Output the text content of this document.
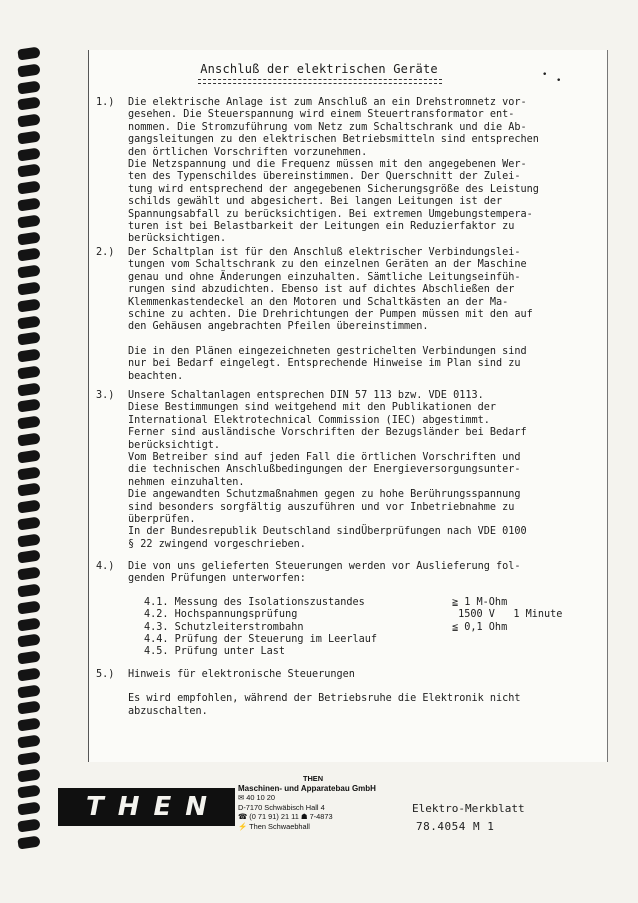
Anschluß der elektrischen Geräte	•
•
1.)	Die elektrische Anlage ist zum Anschluß an ein Drehstromnetz vor-
gesehen. Die Steuerspannung wird einem Steuertransformator ent-
nommen. Die Stromzuführung vom Netz zum Schaltschrank und die Ab-
gangsleitungen zu den elektrischen Betriebsmitteln sind entsprechen
den örtlichen Vorschriften vorzunehmen.
Die Netzspannung und die Frequenz müssen mit den angegebenen Wer-
ten des Typenschildes übereinstimmen. Der Querschnitt der Zulei-
tung wird entsprechend der angegebenen Sicherungsgröße des Leistung
schilds gewählt und abgesichert. Bei langen Leitungen ist der
Spannungsabfall zu berücksichtigen. Bei extremen Umgebungstempera-
turen ist bei Belastbarkeit der Leitungen ein Reduzierfaktor zu
berücksichtigen.
2.)	Der Schaltplan ist für den Anschluß elektrischer Verbindungslei-
tungen vom Schaltschrank zu den einzelnen Geräten an der Maschine
genau und ohne Änderungen einzuhalten. Sämtliche Leitungseinfüh-
rungen sind abzudichten. Ebenso ist auf dichtes Abschließen der
Klemmenkastendeckel an den Motoren und Schaltkästen an der Ma-
schine zu achten. Die Drehrichtungen der Pumpen müssen mit den auf
den Gehäusen angebrachten Pfeilen übereinstimmen.
Die in den Plänen eingezeichneten gestrichelten Verbindungen sind
nur bei Bedarf eingelegt. Entsprechende Hinweise im Plan sind zu
beachten.
3.)	Unsere Schaltanlagen entsprechen DIN 57 113 bzw. VDE 0113.
Diese Bestimmungen sind weitgehend mit den Publikationen der
International Elektrotechnical Commission (IEC) abgestimmt.
Ferner sind ausländische Vorschriften der Bezugsländer bei Bedarf
berücksichtigt.
Vom Betreiber sind auf jeden Fall die örtlichen Vorschriften und
die technischen Anschlußbedingungen der Energieversorgungsunter-
nehmen einzuhalten.
Die angewandten Schutzmaßnahmen gegen zu hohe Berührungsspannung
sind besonders sorgfältig auszuführen und vor Inbetriebnahme zu
überprüfen.
In der Bundesrepublik Deutschland sindÜberprüfungen nach VDE 0100
§ 22 zwingend vorgeschrieben.
4.)	Die von uns gelieferten Steuerungen werden vor Auslieferung fol-
genden Prüfungen unterworfen:
4.1. Messung des Isolationszustandes	≧ 1 M-Ohm
4.2. Hochspannungsprüfung	1500 V   1 Minute
4.3. Schutzleiterstrombahn	≦ 0,1 Ohm
4.4. Prüfung der Steuerung im Leerlauf
4.5. Prüfung unter Last
5.)	Hinweis für elektronische Steuerungen
Es wird empfohlen, während der Betriebsruhe die Elektronik nicht
abzuschalten.
THEN
THEN
Maschinen- und Apparatebau GmbH
✉ 40 10 20
D-7170 Schwäbisch Hall 4
☎ (0 71 91) 21 11 ☗ 7-4873
⚡ Then Schwaebhall
Elektro-Merkblatt
78.4054 M 1
